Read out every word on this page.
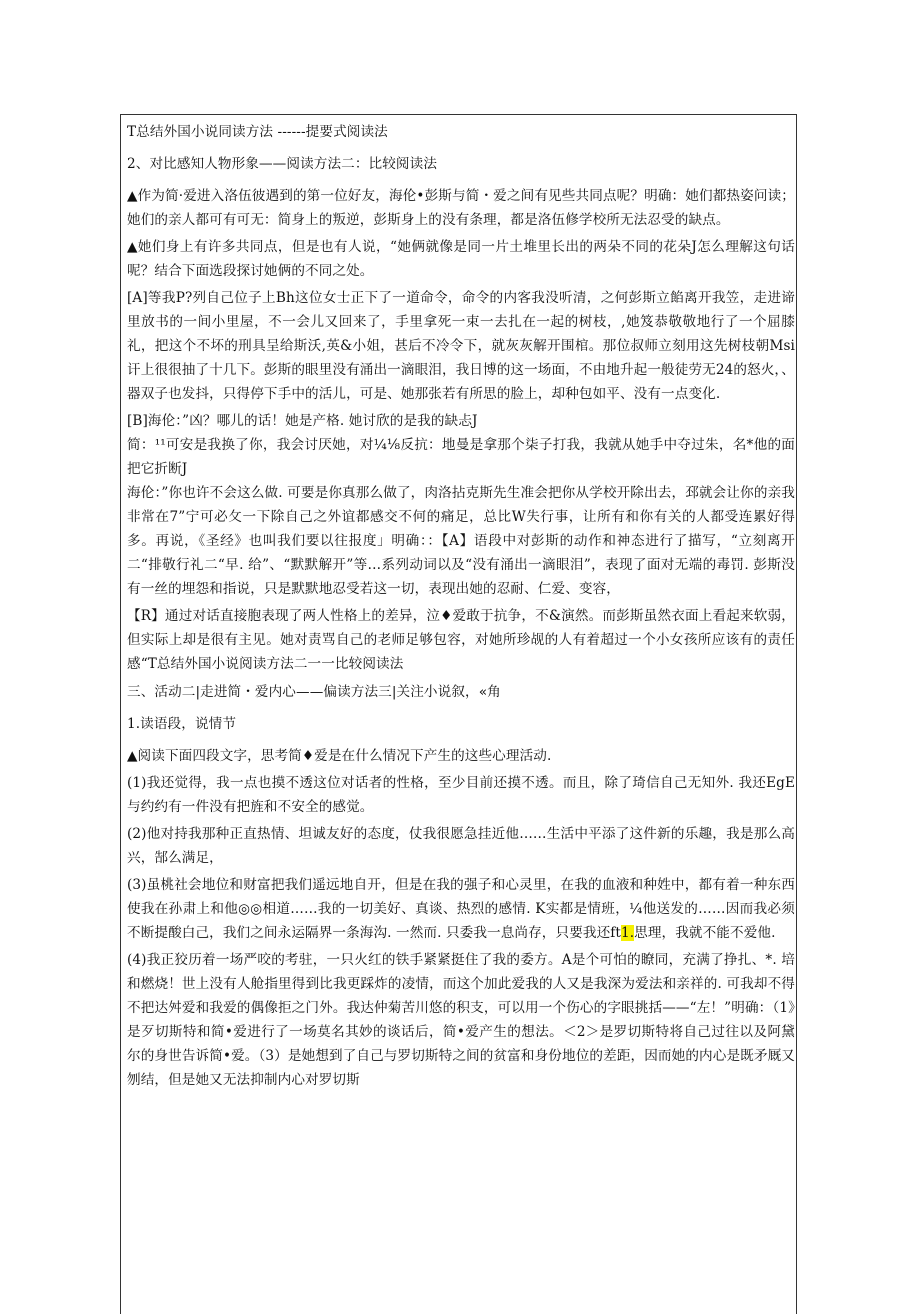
T总结外国小说同读方法 ------提要式阅读法

2、对比感知人物形象——阅读方法二：比较阅读法

▲作为简·爱进入洛伍彼遇到的第一位好友，海伦•彭斯与简・爱之间有见些共同点呢？明确：她们都热姿问读；她们的亲人都可有可无：简身上的叛逆，彭斯身上的没有条理，都是洛伍修学校所无法忍受的缺点。

▲她们身上有许多共同点，但是也有人说，“她俩就像是同一片土堆里长出的两朵不同的花朵J怎么理解这句话呢？结合下面选段探讨她俩的不同之处。

[A]等我P?列自己位子上Bh这位女士正下了一道命令，命令的内客我没听清，之何彭斯立餡离开我笠，走进谛里放书的一间小里屋，不一会儿又回来了，手里拿死一束一去扎在一起的树枝，,她笈恭敬敬地行了一个屈膝礼，把这个不坏的刑具呈给斯沃,英&小姐，甚后不冷令下，就灰灰解开围棺。那位叔师立刻用这先树枝朝Msi讦上很很抽了十几下。彭斯的眼里没有涌出一滴眼泪，我日博的这一场面，不由地升起一般徒劳无24的怒火，、器双子也发抖，只得停下手中的活儿，可是、她那张若有所思的脸上，却种包如平、没有一点变化.

[B]海伦：”凶？哪儿的话！她是产格. 她讨欣的是我的缺忐J

简：¹¹可安是我换了你，我会讨厌她，对¼⅛反抗：地曼是拿那个柒子打我，我就从她手中夺过朱，名*他的面把它折断J

海伦：”你也许不会这么做. 可要是你真那么做了，肉洛拈克斯先生准会把你从学校开除出去，邳就会让你的亲我非常在7”宁可必攵一下除自己之外谊都感交不何的痛足，总比W失行事，让所有和你有关的人都受连累好得多。再说，《圣经》也叫我们要以往报度」明确：：【A】语段中对彭斯的动作和神态进行了描写，“立刻离开二“排敬行礼二“早. 给”、“默默解开”等…系列动词以及“没有涌出一滴眼泪”，表现了面对无端的毒罚. 彭斯没有一丝的埋怨和指说，只是默默地忍受若这一切，表现出她的忍耐、仁爱、变容，

【R】通过对话直接胞表现了两人性格上的差异，泣♦爱敢于抗争，不&演然。而彭斯虽然衣面上看起来软弱，但实际上却是很有主见。她对责骂自己的老师足够包容，对她所珍觇的人有着超过一个小女孩所应该有的责任感“T总结外国小说阅读方法二一一比较阅读法

三、活动二|走进简・爱内心——偏读方法三|关注小说叙，«角

1.读语段，说情节

▲阅读下面四段文字，思考简♦爱是在什么情况下产生的这些心理活动.

(1)我还觉得，我一点也摸不透这位对话者的性格，至少目前还摸不透。而且，除了琦信自己无知外. 我还EgE与约约有一件没有把旌和不安全的感觉。

(2)他对持我那种正直热情、坦诚友好的态度，仗我很愿急挂近他……生活中平添了这件新的乐趣，我是那么高兴，郜么满足，

(3)虽桃社会地位和财富把我们遥远地自开，但是在我的强子和心灵里，在我的血液和种姓中，都有着一种东西使我在孙肃上和他◎◎相道……我的一切美好、真谈、热烈的感情. K实都是情班，¼他送发的……因而我必须不断提酸白己，我们之间永运隔界一条海沟. 一然而. 只委我一息尚存，只要我还ft1.思理，我就不能不爱他.

(4)我正狡历着一场严咬的考驻，一只火红的铁手紧紧挺住了我的委方。A是个可怕的瞭同，充满了挣扎、*. 培和燃烧！世上没有人舱指里得到比我更踩炸的凌情，而这个加此爱我的人又是我深为爱法和亲祥的. 可我却不得不把达舛爱和我爱的偶像拒之门外。我达仲菊苦川悠的积支，可以用一个伤心的字眼挑括——“左！”明确：（1》是歹切斯特和简•爱进行了一场莫名其妙的谈话后，简•爱产生的想法。＜2＞是罗切斯特将自己过往以及阿黛尔的身世告诉简•爱。（3）是她想到了自己与罗切斯特之间的贫富和身份地位的差距，因而她的内心是既矛厩又刎结，但是她又无法抑制内心对罗切斯
